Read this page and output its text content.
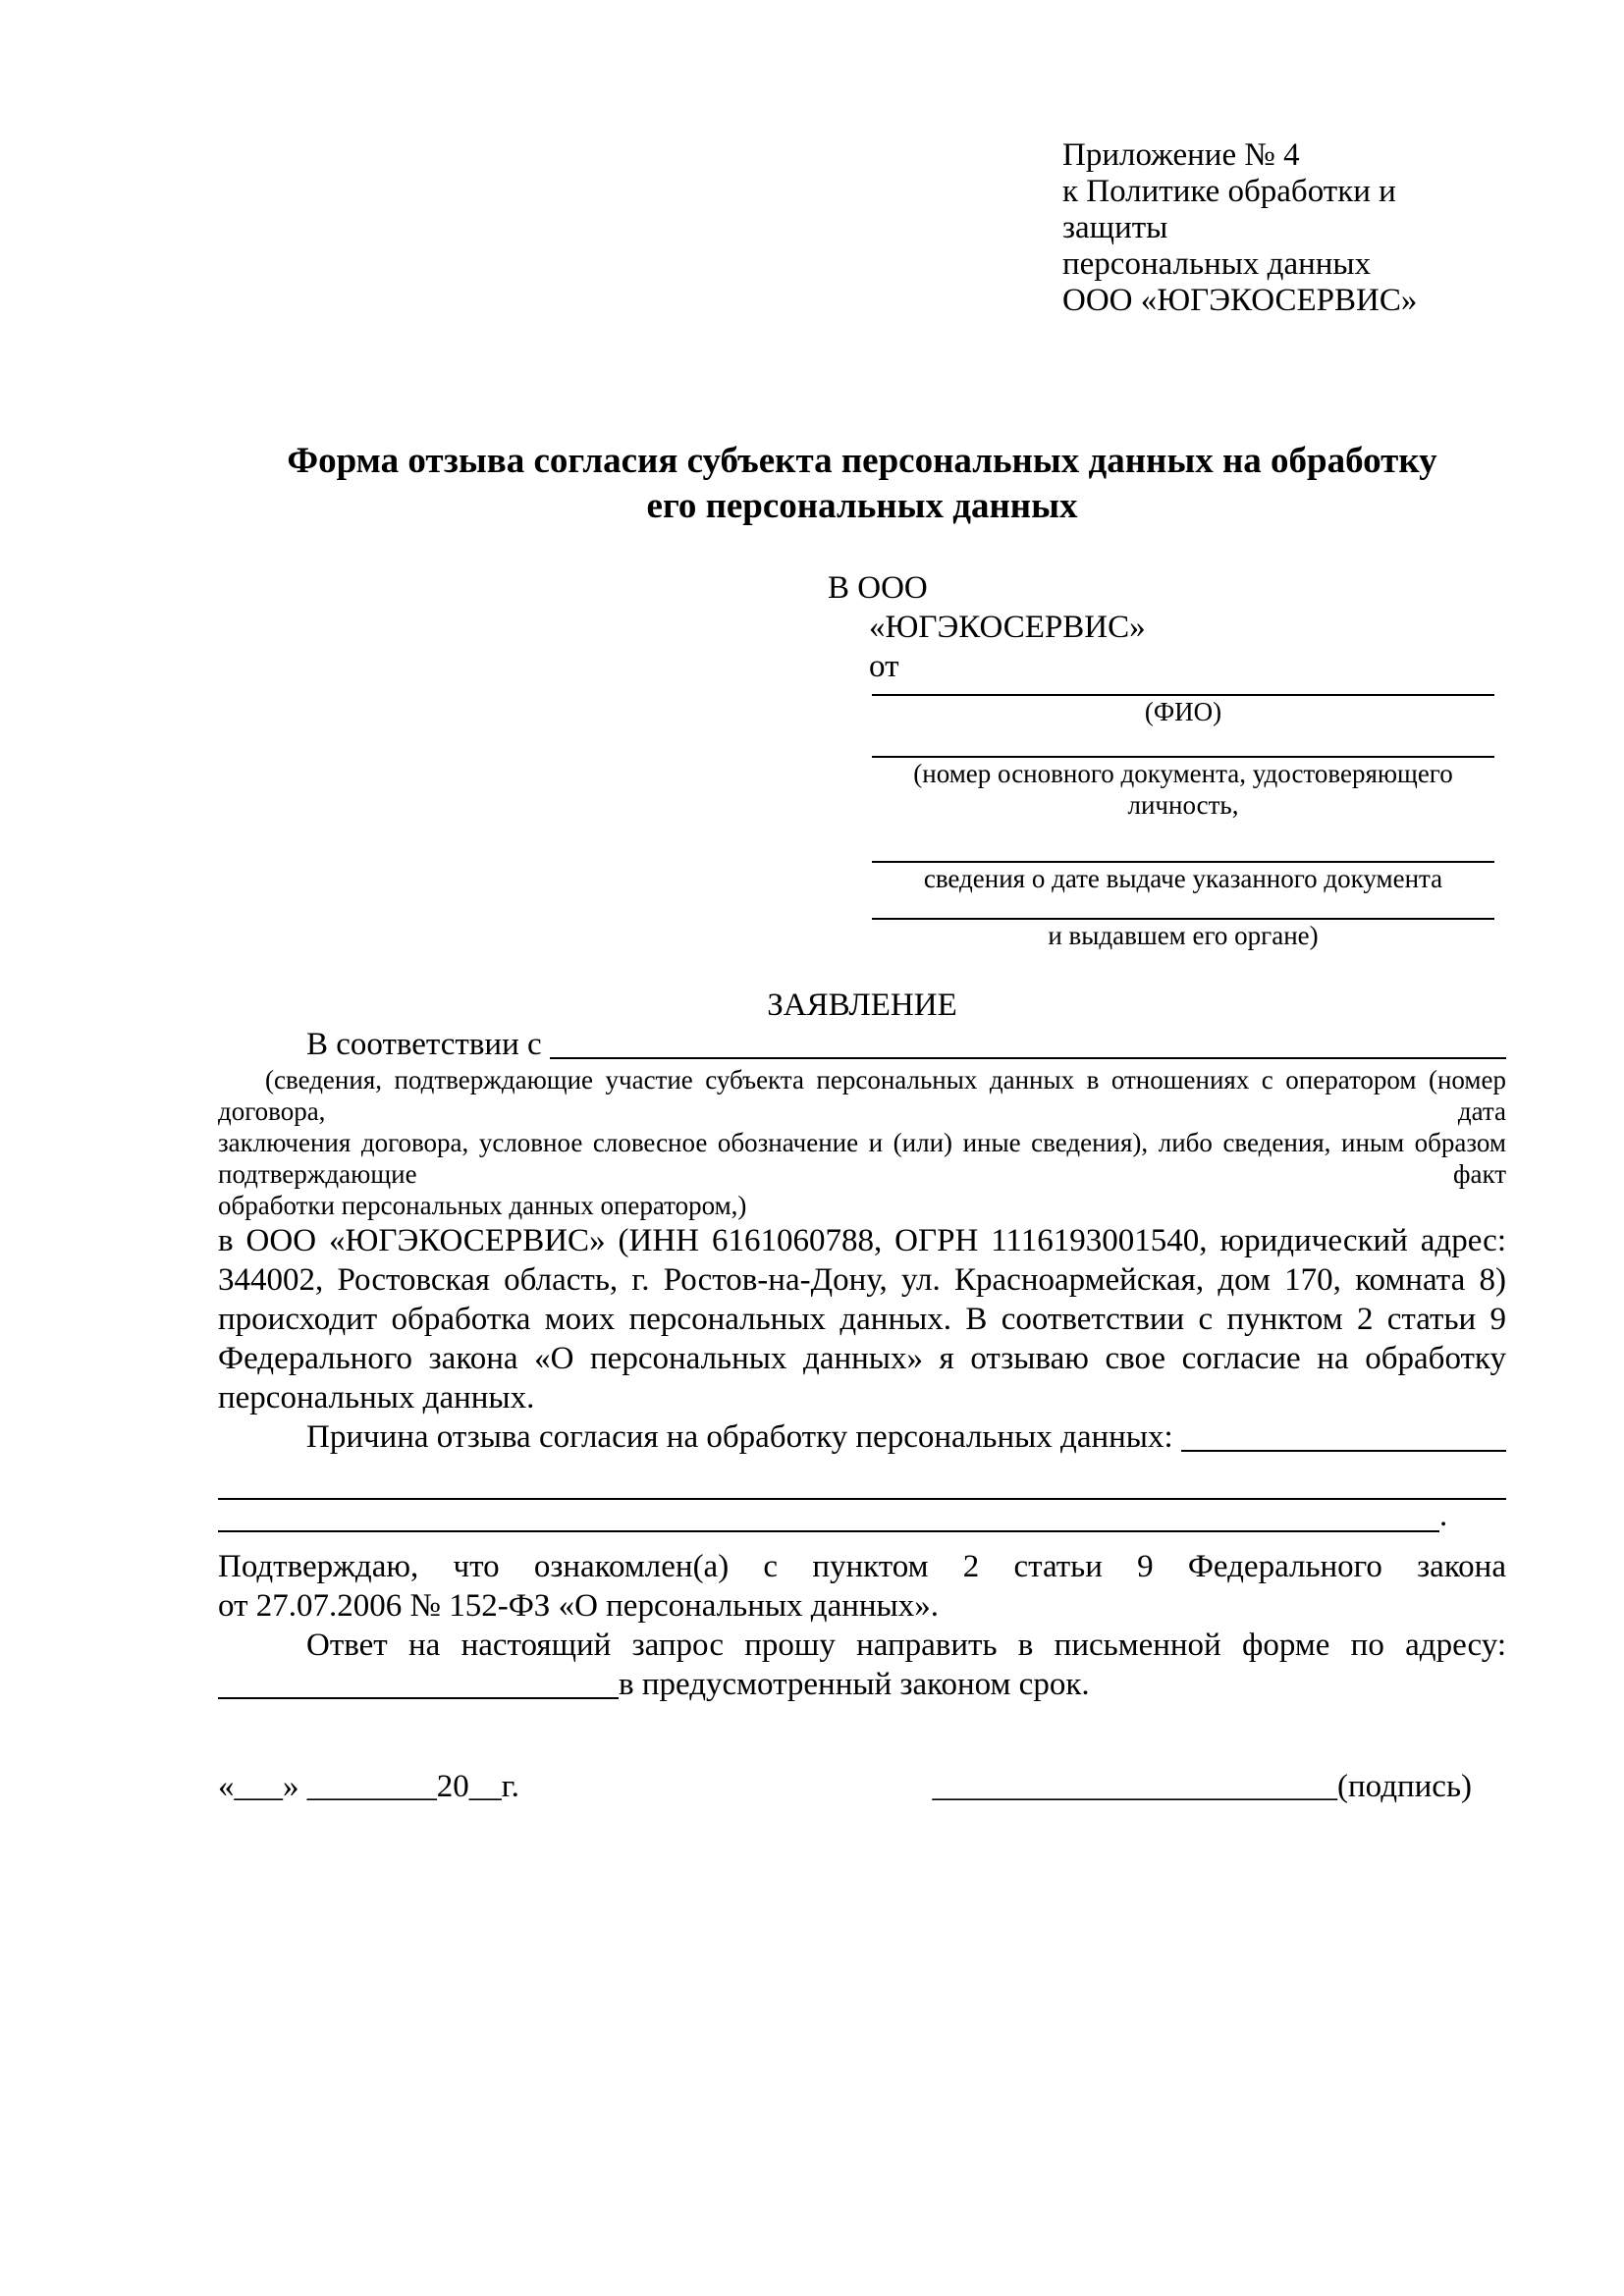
Приложение № 4
к Политике обработки и защиты
персональных данных
ООО «ЮГЭКОСЕРВИС»
Форма отзыва согласия субъекта персональных данных на обработку
его персональных данных
В ООО
«ЮГЭКОСЕРВИС»
от
(ФИО)
(номер основного документа, удостоверяющего личность,
сведения о дате выдаче указанного документа
и выдавшем его органе)
ЗАЯВЛЕНИЕ
В соответствии с
(сведения, подтверждающие участие субъекта персональных данных в отношениях с оператором (номер договора, дата
заключения договора, условное словесное обозначение и (или) иные сведения), либо сведения, иным образом подтверждающие факт
обработки персональных данных оператором,)
в ООО «ЮГЭКОСЕРВИС» (ИНН 6161060788, ОГРН 1116193001540, юридический адрес:
344002, Ростовская область, г. Ростов-на-Дону, ул. Красноармейская, дом 170, комната 8)
происходит обработка моих персональных данных. В соответствии с пунктом 2 статьи 9
Федерального закона «О персональных данных» я отзываю свое согласие на обработку
персональных данных.
Причина отзыва согласия на обработку персональных данных:
.
Подтверждаю, что ознакомлен(а) с пунктом 2 статьи 9 Федерального закона
от 27.07.2006 № 152-ФЗ «О персональных данных».
Ответ на настоящий запрос прошу направить в письменной форме по адресу:
в предусмотренный законом срок.
«___» ________20__г.	_________________________(подпись)
